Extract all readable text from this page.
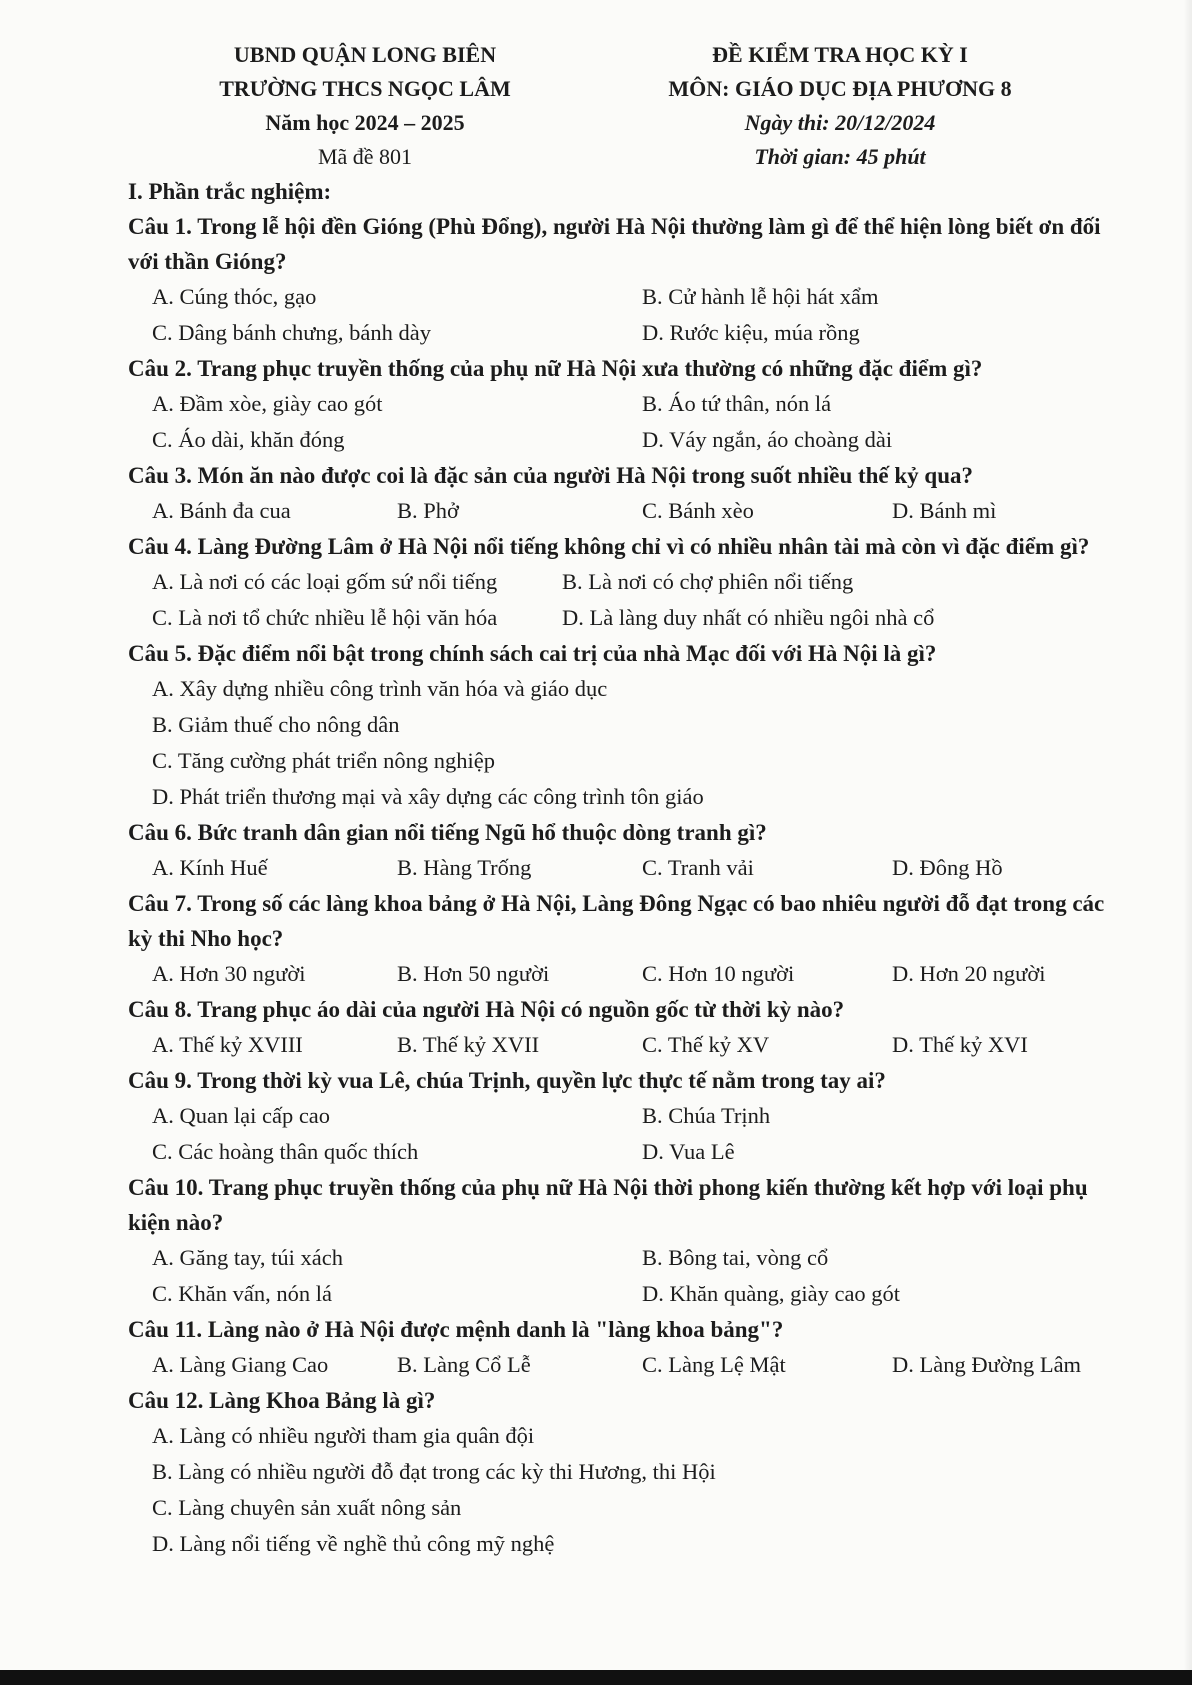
UBND QUẬN LONG BIÊN
TRƯỜNG THCS NGỌC LÂM
Năm học 2024 – 2025
Mã đề 801
ĐỀ KIỂM TRA HỌC KỲ I
MÔN: GIÁO DỤC ĐỊA PHƯƠNG 8
Ngày thi: 20/12/2024
Thời gian: 45 phút
I. Phần trắc nghiệm:
Câu 1. Trong lễ hội đền Gióng (Phù Đổng), người Hà Nội thường làm gì để thể hiện lòng biết ơn đối với thần Gióng?
A. Cúng thóc, gạo	B. Cử hành lễ hội hát xẩm
C. Dâng bánh chưng, bánh dày	D. Rước kiệu, múa rồng
Câu 2. Trang phục truyền thống của phụ nữ Hà Nội xưa thường có những đặc điểm gì?
A. Đầm xòe, giày cao gót	B. Áo tứ thân, nón lá
C. Áo dài, khăn đóng	D. Váy ngắn, áo choàng dài
Câu 3. Món ăn nào được coi là đặc sản của người Hà Nội trong suốt nhiều thế kỷ qua?
A. Bánh đa cua	B. Phở	C. Bánh xèo	D. Bánh mì
Câu 4. Làng Đường Lâm ở Hà Nội nổi tiếng không chỉ vì có nhiều nhân tài mà còn vì đặc điểm gì?
A. Là nơi có các loại gốm sứ nổi tiếng	B. Là nơi có chợ phiên nổi tiếng
C. Là nơi tổ chức nhiều lễ hội văn hóa	D. Là làng duy nhất có nhiều ngôi nhà cổ
Câu 5. Đặc điểm nổi bật trong chính sách cai trị của nhà Mạc đối với Hà Nội là gì?
A. Xây dựng nhiều công trình văn hóa và giáo dục
B. Giảm thuế cho nông dân
C. Tăng cường phát triển nông nghiệp
D. Phát triển thương mại và xây dựng các công trình tôn giáo
Câu 6. Bức tranh dân gian nổi tiếng Ngũ hổ thuộc dòng tranh gì?
A. Kính Huế	B. Hàng Trống	C. Tranh vải	D. Đông Hồ
Câu 7. Trong số các làng khoa bảng ở Hà Nội, Làng Đông Ngạc có bao nhiêu người đỗ đạt trong các kỳ thi Nho học?
A. Hơn 30 người	B. Hơn 50 người	C. Hơn 10 người	D. Hơn 20 người
Câu 8. Trang phục áo dài của người Hà Nội có nguồn gốc từ thời kỳ nào?
A. Thế kỷ XVIII	B. Thế kỷ XVII	C. Thế kỷ XV	D. Thế kỷ XVI
Câu 9. Trong thời kỳ vua Lê, chúa Trịnh, quyền lực thực tế nằm trong tay ai?
A. Quan lại cấp cao	B. Chúa Trịnh
C. Các hoàng thân quốc thích	D. Vua Lê
Câu 10. Trang phục truyền thống của phụ nữ Hà Nội thời phong kiến thường kết hợp với loại phụ kiện nào?
A. Găng tay, túi xách	B. Bông tai, vòng cổ
C. Khăn vấn, nón lá	D. Khăn quàng, giày cao gót
Câu 11. Làng nào ở Hà Nội được mệnh danh là "làng khoa bảng"?
A. Làng Giang Cao	B. Làng Cổ Lễ	C. Làng Lệ Mật	D. Làng Đường Lâm
Câu 12. Làng Khoa Bảng là gì?
A. Làng có nhiều người tham gia quân đội
B. Làng có nhiều người đỗ đạt trong các kỳ thi Hương, thi Hội
C. Làng chuyên sản xuất nông sản
D. Làng nổi tiếng về nghề thủ công mỹ nghệ
